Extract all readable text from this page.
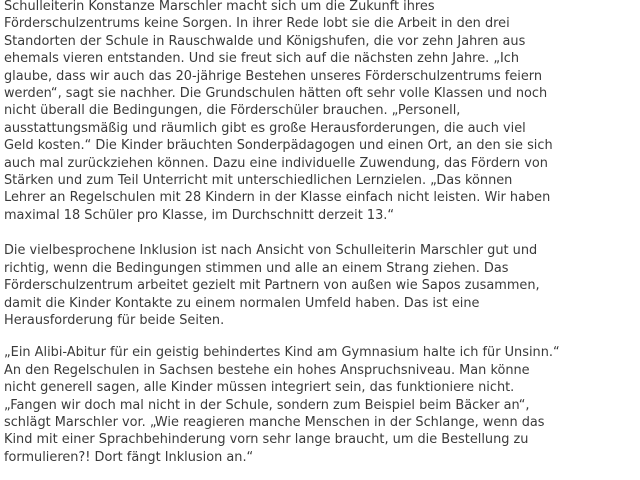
Schulleiterin Konstanze Marschler macht sich um die Zukunft ihres
Förderschulzentrums keine Sorgen. In ihrer Rede lobt sie die Arbeit in den drei
Standorten der Schule in Rauschwalde und Königshufen, die vor zehn Jahren aus
ehemals vieren entstanden. Und sie freut sich auf die nächsten zehn Jahre. „Ich
glaube, dass wir auch das 20-jährige Bestehen unseres Förderschulzentrums feiern
werden“, sagt sie nachher. Die Grundschulen hätten oft sehr volle Klassen und noch
nicht überall die Bedingungen, die Förderschüler brauchen. „Personell,
ausstattungsmäßig und räumlich gibt es große Herausforderungen, die auch viel
Geld kosten.“ Die Kinder bräuchten Sonderpädagogen und einen Ort, an den sie sich
auch mal zurückziehen können. Dazu eine individuelle Zuwendung, das Fördern von
Stärken und zum Teil Unterricht mit unterschiedlichen Lernzielen. „Das können
Lehrer an Regelschulen mit 28 Kindern in der Klasse einfach nicht leisten. Wir haben
maximal 18 Schüler pro Klasse, im Durchschnitt derzeit 13.“

Die vielbesprochene Inklusion ist nach Ansicht von Schulleiterin Marschler gut und
richtig, wenn die Bedingungen stimmen und alle an einem Strang ziehen. Das
Förderschulzentrum arbeitet gezielt mit Partnern von außen wie Sapos zusammen,
damit die Kinder Kontakte zu einem normalen Umfeld haben. Das ist eine
Herausforderung für beide Seiten.

„Ein Alibi-Abitur für ein geistig behindertes Kind am Gymnasium halte ich für Unsinn.“
An den Regelschulen in Sachsen bestehe ein hohes Anspruchsniveau. Man könne
nicht generell sagen, alle Kinder müssen integriert sein, das funktioniere nicht.
„Fangen wir doch mal nicht in der Schule, sondern zum Beispiel beim Bäcker an“,
schlägt Marschler vor. „Wie reagieren manche Menschen in der Schlange, wenn das
Kind mit einer Sprachbehinderung vorn sehr lange braucht, um die Bestellung zu
formulieren?! Dort fängt Inklusion an.“
